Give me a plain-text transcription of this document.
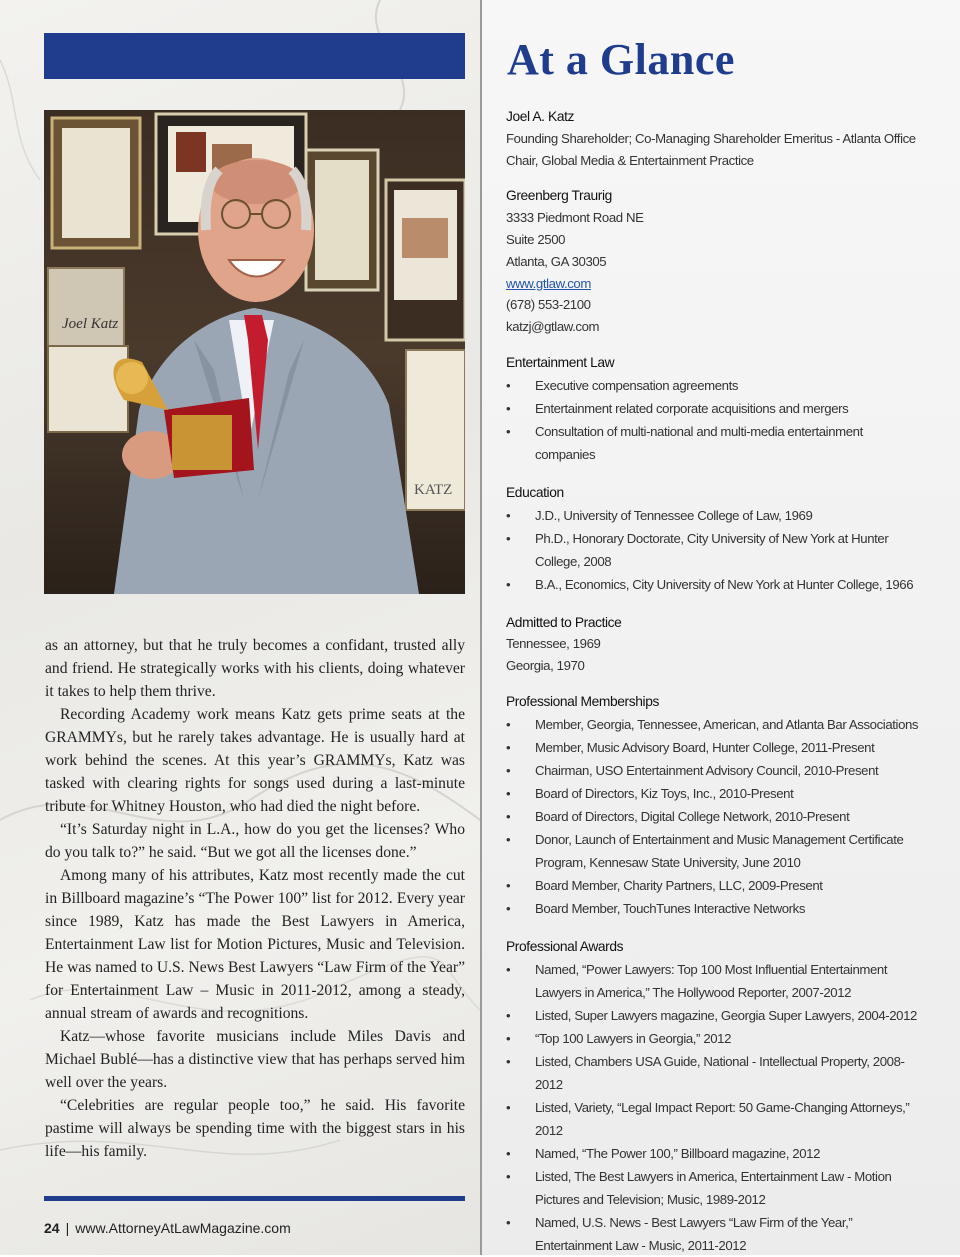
Joel Katz
KATZ

as an attorney, but that he truly becomes a confidant, trusted ally and friend. He strategically works with his clients, doing whatever it takes to help them thrive.

Recording Academy work means Katz gets prime seats at the GRAMMYs, but he rarely takes advantage. He is usually hard at work behind the scenes. At this year’s GRAMMYs, Katz was tasked with clearing rights for songs used during a last-minute tribute for Whitney Houston, who had died the night before.

“It’s Saturday night in L.A., how do you get the licenses? Who do you talk to?” he said. “But we got all the licenses done.”

Among many of his attributes, Katz most recently made the cut in Billboard magazine’s “The Power 100” list for 2012. Every year since 1989, Katz has made the Best Lawyers in America, Entertainment Law list for Motion Pictures, Music and Television. He was named to U.S. News Best Lawyers “Law Firm of the Year” for Entertainment Law – Music in 2011-2012, among a steady, annual stream of awards and recognitions.

Katz—whose favorite musicians include Miles Davis and Michael Bublé—has a distinctive view that has perhaps served him well over the years.

“Celebrities are regular people too,” he said. His favorite pastime will always be spending time with the biggest stars in his life—his family.

24 | www.AttorneyAtLawMagazine.com
At a Glance
Joel A. Katz
Founding Shareholder; Co-Managing Shareholder Emeritus - Atlanta Office
Chair, Global Media & Entertainment Practice
Greenberg Traurig
3333 Piedmont Road NE
Suite 2500
Atlanta, GA 30305
www.gtlaw.com
(678) 553-2100
katzj@gtlaw.com
Entertainment Law
• Executive compensation agreements
• Entertainment related corporate acquisitions and mergers
• Consultation of multi-national and multi-media entertainment companies
Education
• J.D., University of Tennessee College of Law, 1969
• Ph.D., Honorary Doctorate, City University of New York at Hunter College, 2008
• B.A., Economics, City University of New York at Hunter College, 1966
Admitted to Practice
Tennessee, 1969
Georgia, 1970
Professional Memberships
• Member, Georgia, Tennessee, American, and Atlanta Bar Associations
• Member, Music Advisory Board, Hunter College, 2011-Present
• Chairman, USO Entertainment Advisory Council, 2010-Present
• Board of Directors, Kiz Toys, Inc., 2010-Present
• Board of Directors, Digital College Network, 2010-Present
• Donor, Launch of Entertainment and Music Management Certificate Program, Kennesaw State University, June 2010
• Board Member, Charity Partners, LLC, 2009-Present
• Board Member, TouchTunes Interactive Networks
Professional Awards
• Named, “Power Lawyers: Top 100 Most Influential Entertainment Lawyers in America,” The Hollywood Reporter, 2007-2012
• Listed, Super Lawyers magazine, Georgia Super Lawyers, 2004-2012
• “Top 100 Lawyers in Georgia,” 2012
• Listed, Chambers USA Guide, National - Intellectual Property, 2008-2012
• Listed, Variety, “Legal Impact Report: 50 Game-Changing Attorneys,” 2012
• Named, “The Power 100,” Billboard magazine, 2012
• Listed, The Best Lawyers in America, Entertainment Law - Motion Pictures and Television; Music, 1989-2012
• Named, U.S. News - Best Lawyers “Law Firm of the Year,” Entertainment Law - Music, 2011-2012
